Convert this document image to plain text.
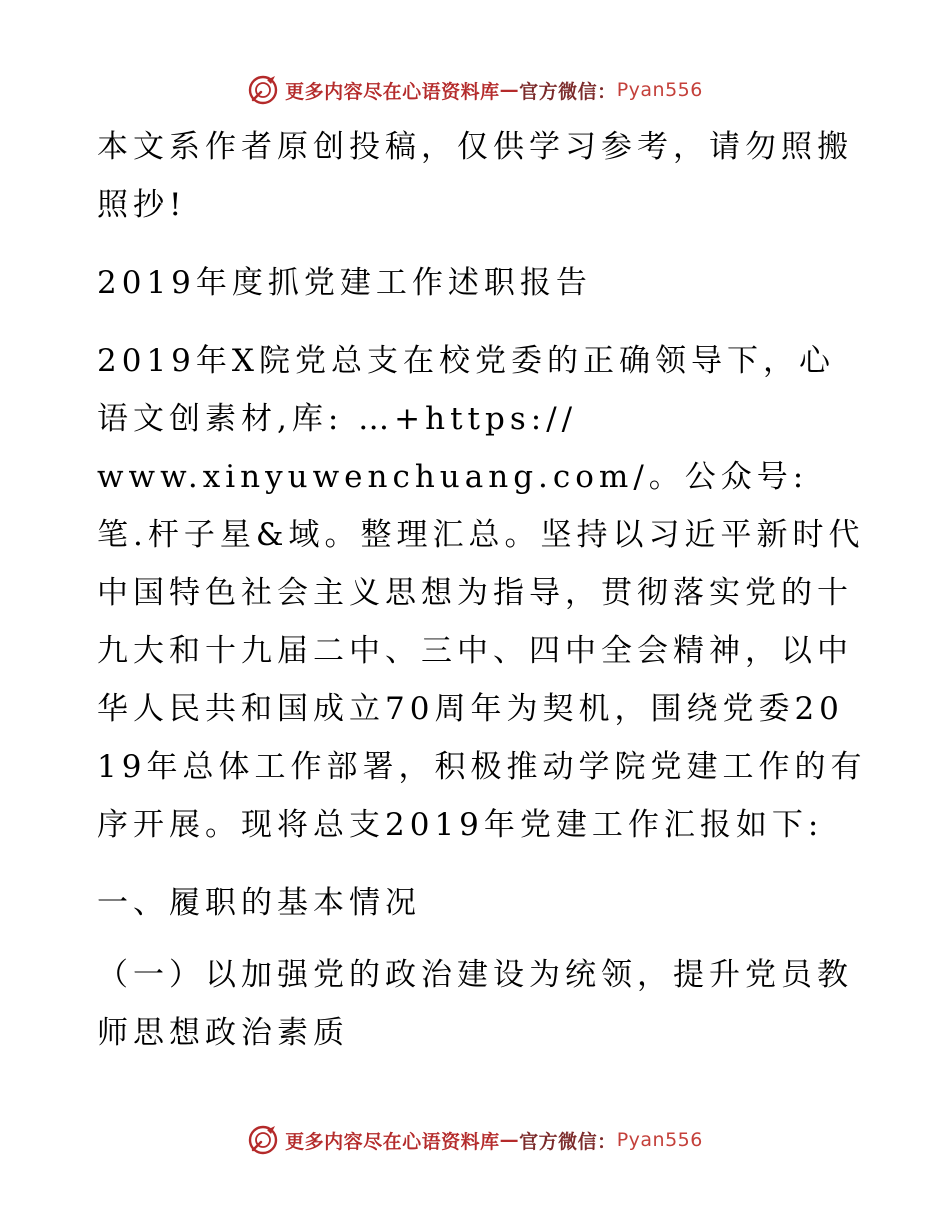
更多内容尽在心语资料库 — 官方微信： Pyan556

本文系作者原创投稿，仅供学习参考，请勿照搬照抄!

2019年度抓党建工作述职报告

2019年X院党总支在校党委的正确领导下，心语文创素材,库: …+https://

www.xinyuwenchuang.com/。公众号: 笔.杆子星&域。整理汇总。坚持以习近平新时代中国特色社会主义思想为指导，贯彻落实党的十九大和十九届二中、三中、四中全会精神，以中华人民共和国成立70周年为契机，围绕党委2019年总体工作部署，积极推动学院党建工作的有序开展。现将总支2019年党建工作汇报如下:

一、履职的基本情况

（一）以加强党的政治建设为统领，提升党员教师思想政治素质

更多内容尽在心语资料库 — 官方微信： Pyan556
